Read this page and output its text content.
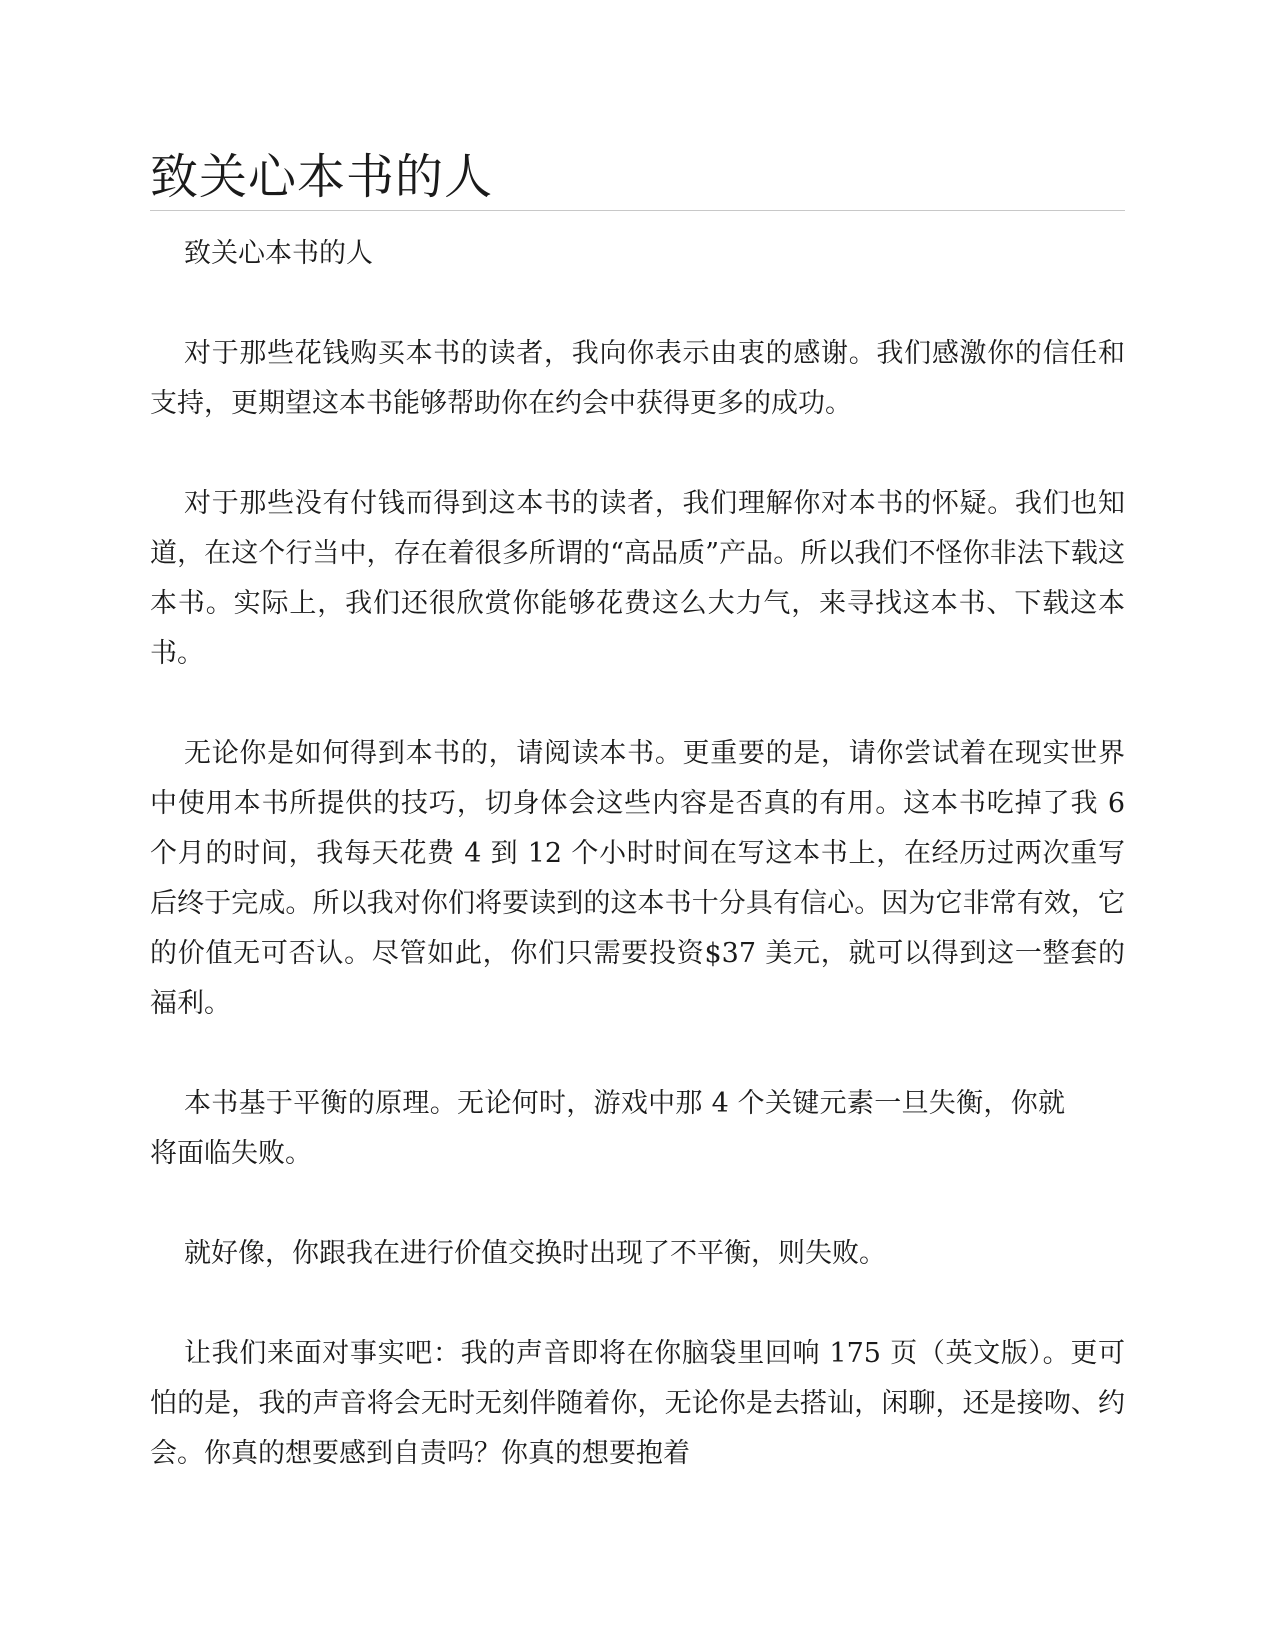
致关心本书的人

致关心本书的人

对于那些花钱购买本书的读者，我向你表示由衷的感谢。我们感激你的信任和支持，更期望这本书能够帮助你在约会中获得更多的成功。

对于那些没有付钱而得到这本书的读者，我们理解你对本书的怀疑。我们也知道，在这个行当中，存在着很多所谓的“高品质”产品。所以我们不怪你非法下载这本书。实际上，我们还很欣赏你能够花费这么大力气，来寻找这本书、下载这本书。

无论你是如何得到本书的，请阅读本书。更重要的是，请你尝试着在现实世界中使用本书所提供的技巧，切身体会这些内容是否真的有用。这本书吃掉了我 6 个月的时间，我每天花费 4 到 12 个小时时间在写这本书上，在经历过两次重写后终于完成。所以我对你们将要读到的这本书十分具有信心。因为它非常有效，它的价值无可否认。尽管如此，你们只需要投资$37 美元，就可以得到这一整套的福利。

本书基于平衡的原理。无论何时，游戏中那 4 个关键元素一旦失衡，你就将面临失败。

就好像，你跟我在进行价值交换时出现了不平衡，则失败。

让我们来面对事实吧：我的声音即将在你脑袋里回响 175 页（英文版）。更可怕的是，我的声音将会无时无刻伴随着你，无论你是去搭讪，闲聊，还是接吻、约会。你真的想要感到自责吗？你真的想要抱着
